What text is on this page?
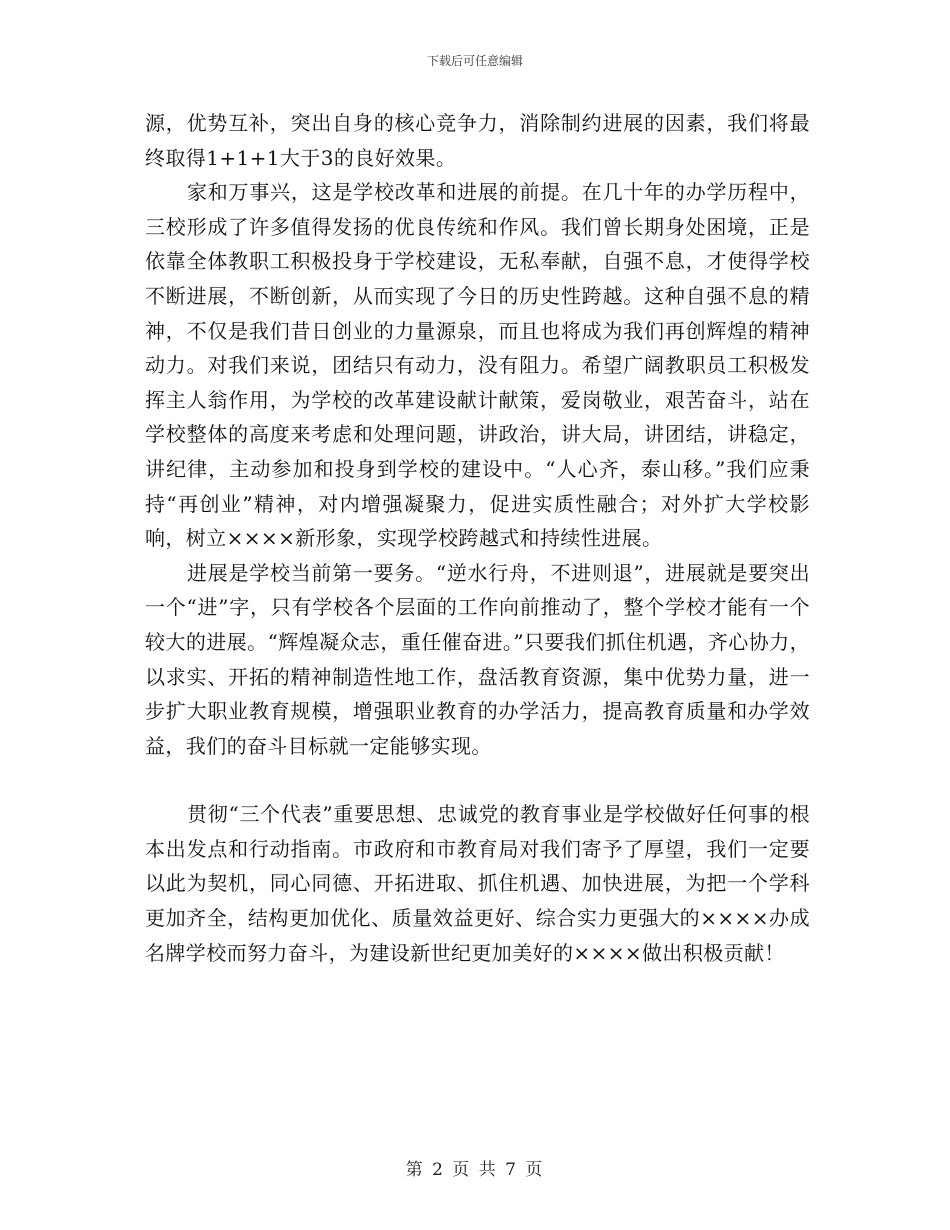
下载后可任意编辑

源，优势互补，突出自身的核心竞争力，消除制约进展的因素，我们将最终取得1+1+1大于3的良好效果。

家和万事兴，这是学校改革和进展的前提。在几十年的办学历程中，三校形成了许多值得发扬的优良传统和作风。我们曾长期身处困境，正是依靠全体教职工积极投身于学校建设，无私奉献，自强不息，才使得学校不断进展，不断创新，从而实现了今日的历史性跨越。这种自强不息的精神，不仅是我们昔日创业的力量源泉，而且也将成为我们再创辉煌的精神动力。对我们来说，团结只有动力，没有阻力。希望广阔教职员工积极发挥主人翁作用，为学校的改革建设献计献策，爱岗敬业，艰苦奋斗，站在学校整体的高度来考虑和处理问题，讲政治，讲大局，讲团结，讲稳定，讲纪律，主动参加和投身到学校的建设中。“人心齐，泰山移。”我们应秉持“再创业”精神，对内增强凝聚力，促进实质性融合；对外扩大学校影响，树立××××新形象，实现学校跨越式和持续性进展。

进展是学校当前第一要务。“逆水行舟，不进则退”，进展就是要突出一个“进”字，只有学校各个层面的工作向前推动了，整个学校才能有一个较大的进展。“辉煌凝众志，重任催奋进。”只要我们抓住机遇，齐心协力，以求实、开拓的精神制造性地工作，盘活教育资源，集中优势力量，进一步扩大职业教育规模，增强职业教育的办学活力，提高教育质量和办学效益，我们的奋斗目标就一定能够实现。

贯彻“三个代表”重要思想、忠诚党的教育事业是学校做好任何事的根本出发点和行动指南。市政府和市教育局对我们寄予了厚望，我们一定要以此为契机，同心同德、开拓进取、抓住机遇、加快进展，为把一个学科更加齐全，结构更加优化、质量效益更好、综合实力更强大的××××办成名牌学校而努力奋斗，为建设新世纪更加美好的××××做出积极贡献！

第 2 页 共 7 页
